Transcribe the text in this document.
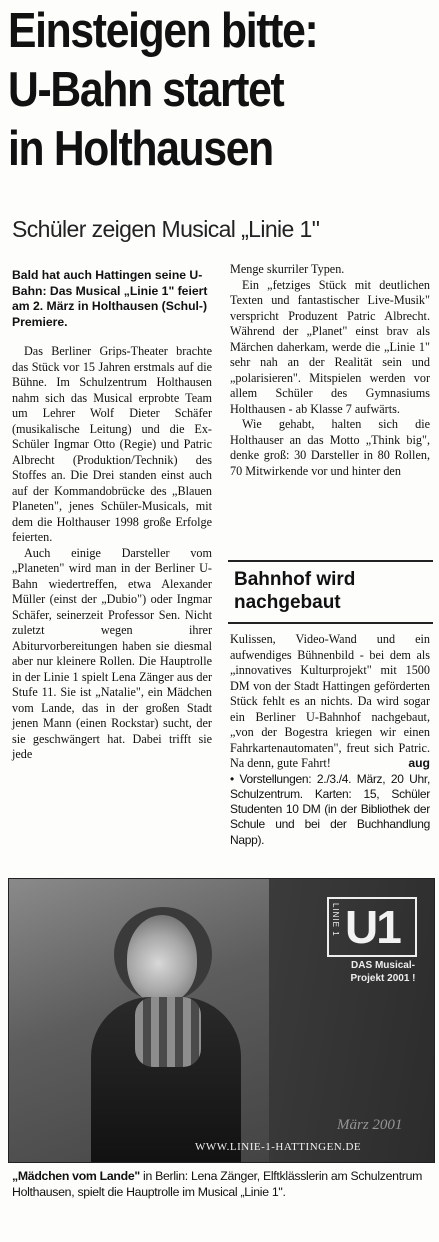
Einsteigen bitte:
U-Bahn startet
in Holthausen

Schüler zeigen Musical „Linie 1"

Bald hat auch Hattingen seine U-Bahn: Das Musical „Linie 1" feiert am 2. März in Holthausen (Schul-) Premiere.

Das Berliner Grips-Theater brachte das Stück vor 15 Jahren erstmals auf die Bühne. Im Schulzentrum Holthausen nahm sich das Musical erprobte Team um Lehrer Wolf Dieter Schäfer (musikalische Leitung) und die Ex-Schüler Ingmar Otto (Regie) und Patric Albrecht (Produktion/Technik) des Stoffes an. Die Drei standen einst auch auf der Kommandobrücke des „Blauen Planeten", jenes Schüler-Musicals, mit dem die Holthauser 1998 große Erfolge feierten.

Auch einige Darsteller vom „Planeten" wird man in der Berliner U-Bahn wiedertreffen, etwa Alexander Müller (einst der „Dubio") oder Ingmar Schäfer, seinerzeit Professor Sen. Nicht zuletzt wegen ihrer Abiturvorbereitungen haben sie diesmal aber nur kleinere Rollen. Die Hauptrolle in der Linie 1 spielt Lena Zänger aus der Stufe 11. Sie ist „Natalie", ein Mädchen vom Lande, das in der großen Stadt jenen Mann (einen Rockstar) sucht, der sie geschwängert hat. Dabei trifft sie jede

Menge skurriler Typen.

Ein „fetziges Stück mit deutlichen Texten und fantastischer Live-Musik" verspricht Produzent Patric Albrecht. Während der „Planet" einst brav als Märchen daherkam, werde die „Linie 1" sehr nah an der Realität sein und „polarisieren". Mitspielen werden vor allem Schüler des Gymnasiums Holthausen - ab Klasse 7 aufwärts.

Wie gehabt, halten sich die Holthauser an das Motto „Think big", denke groß: 30 Darsteller in 80 Rollen, 70 Mitwirkende vor und hinter den

Bahnhof wird nachgebaut

Kulissen, Video-Wand und ein aufwendiges Bühnenbild - bei dem als „innovatives Kulturprojekt" mit 1500 DM von der Stadt Hattingen geförderten Stück fehlt es an nichts. Da wird sogar ein Berliner U-Bahnhof nachgebaut, „von der Bogestra kriegen wir einen Fahrkartenautomaten", freut sich Patric. Na denn, gute Fahrt!	aug

• Vorstellungen: 2./3./4. März, 20 Uhr, Schulzentrum. Karten: 15, Schüler Studenten 10 DM (in der Bibliothek der Schule und bei der Buchhandlung Napp).

LINIE 1 U1
DAS Musical-Projekt 2001 !
März 2001
WWW.LINIE-1-HATTINGEN.DE

„Mädchen vom Lande" in Berlin: Lena Zänger, Elftklässlerin am Schulzentrum Holthausen, spielt die Hauptrolle im Musical „Linie 1".
